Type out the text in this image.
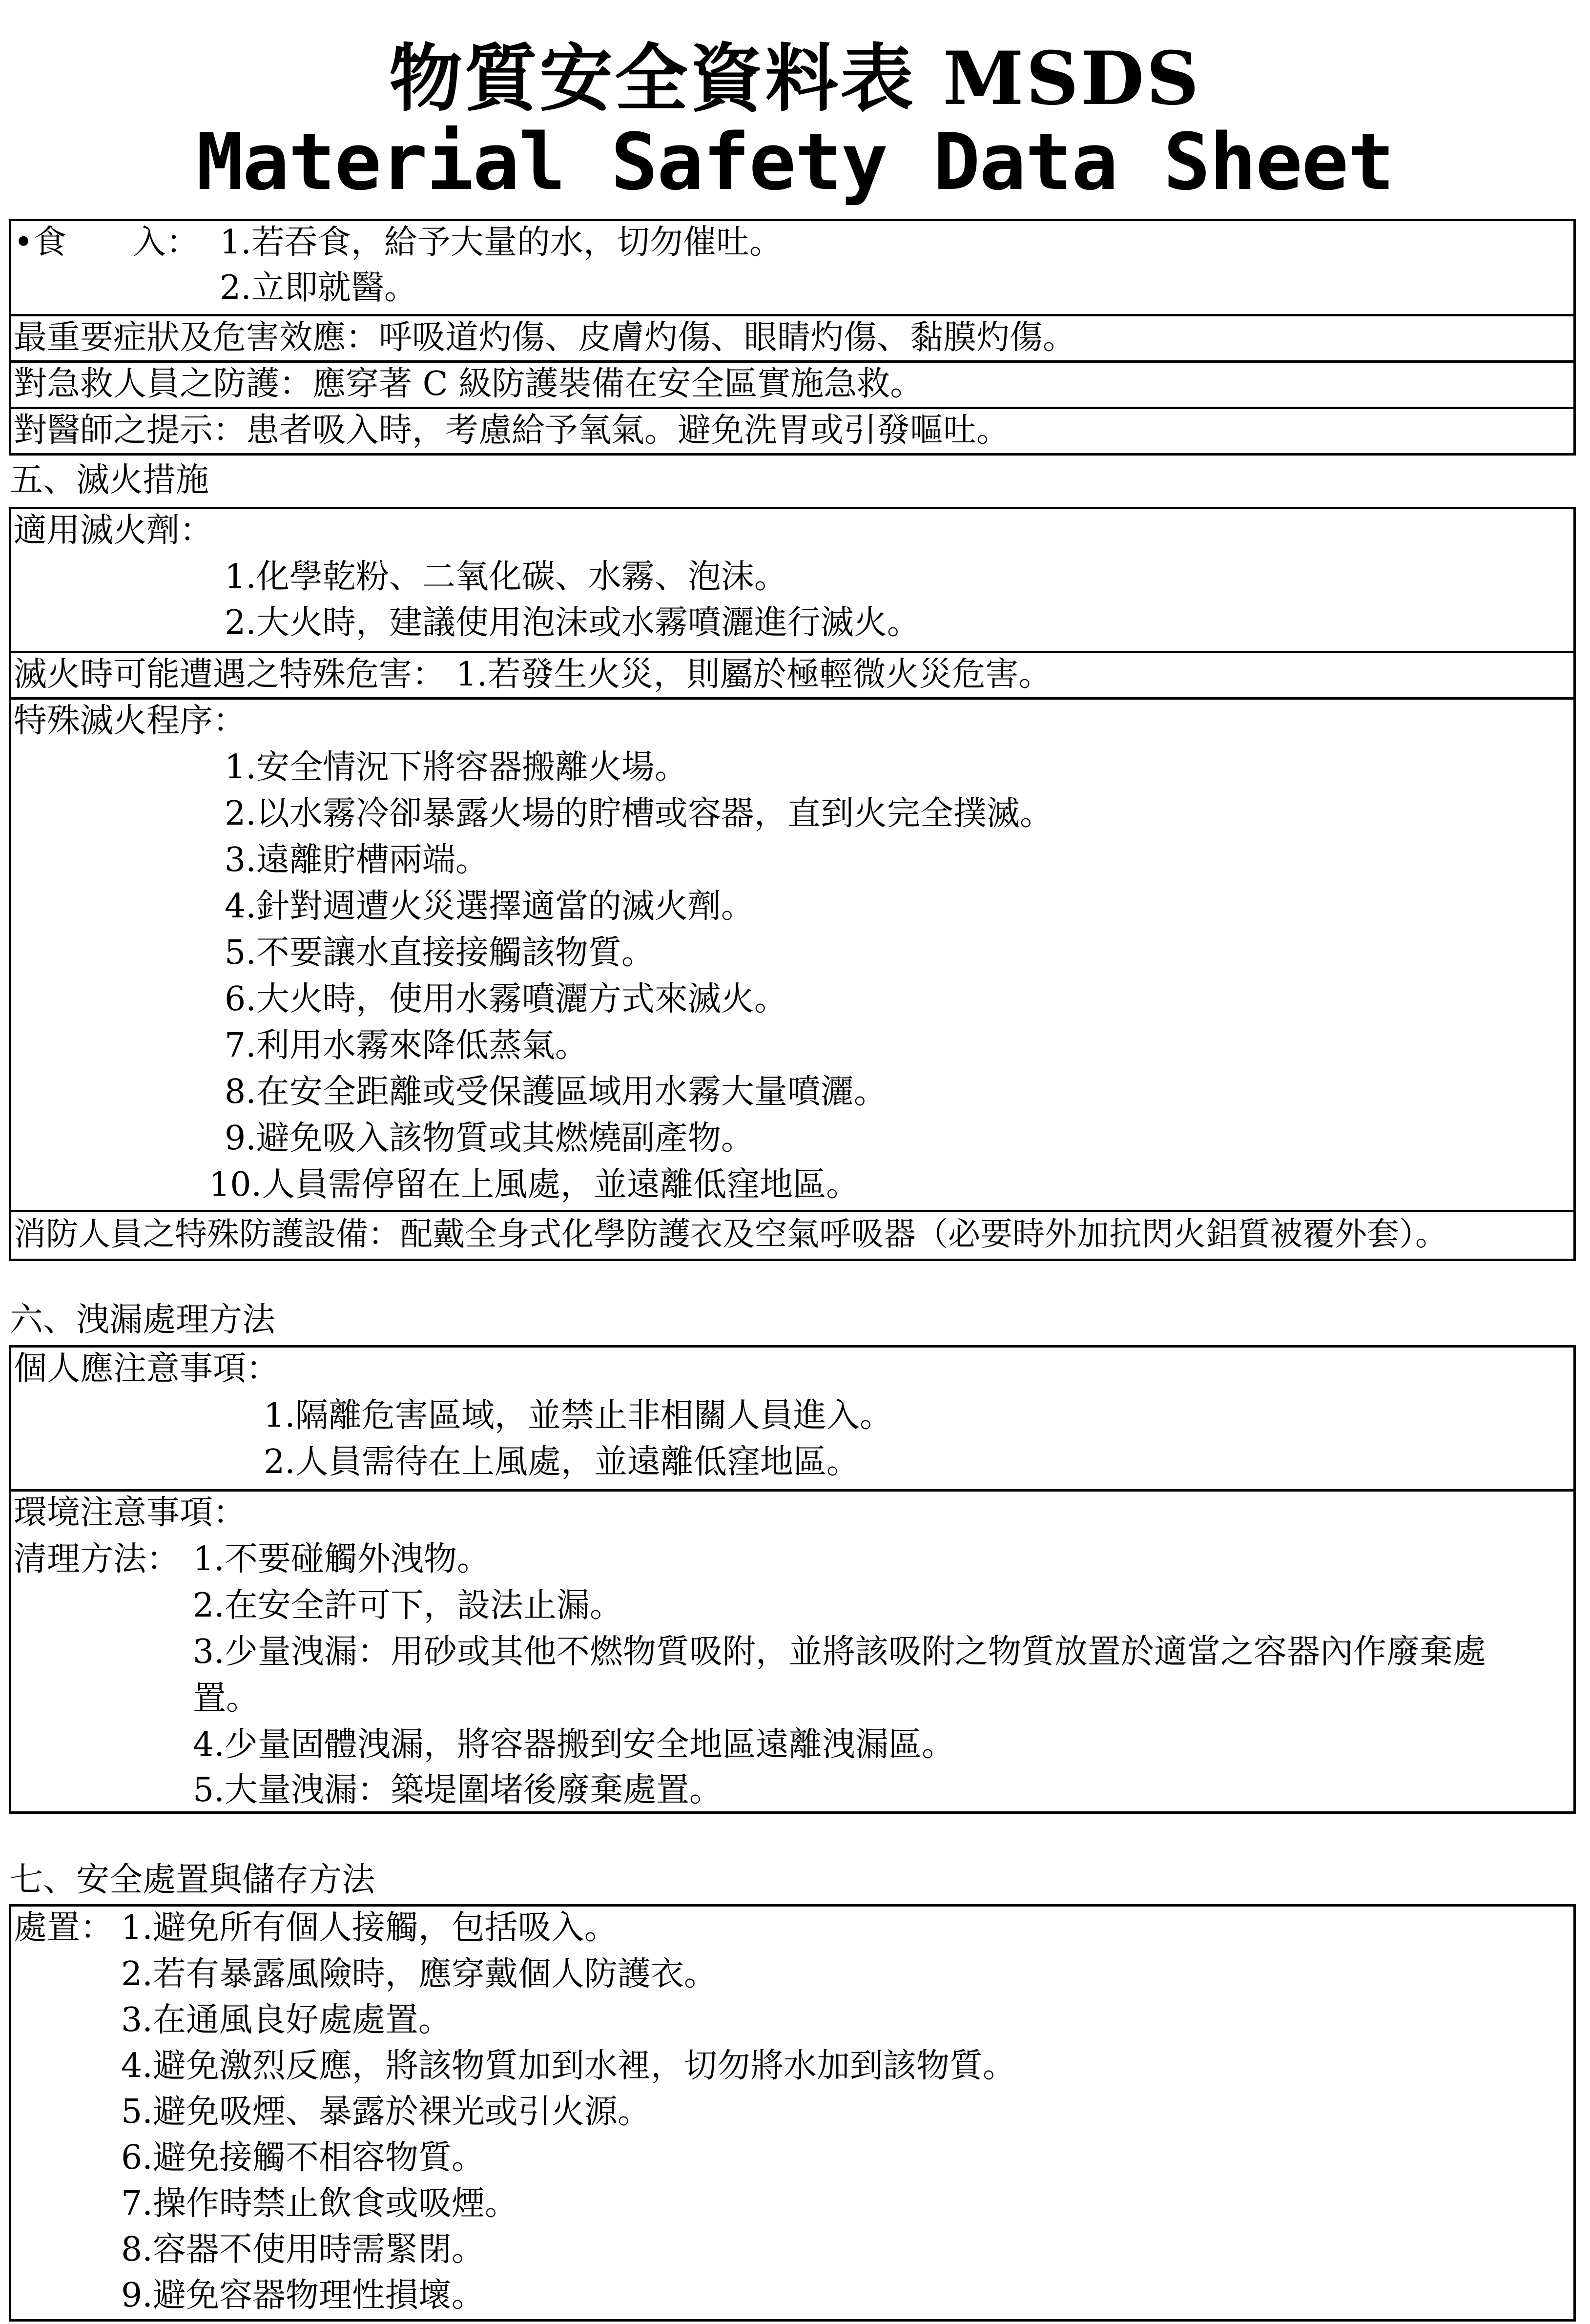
物質安全資料表 MSDS
Material Safety Data Sheet
•食　　入： 1.若吞食，給予大量的水，切勿催吐。
2.立即就醫。
最重要症狀及危害效應：呼吸道灼傷、皮膚灼傷、眼睛灼傷、黏膜灼傷。
對急救人員之防護：應穿著 C 級防護裝備在安全區實施急救。
對醫師之提示：患者吸入時，考慮給予氧氣。避免洗胃或引發嘔吐。
五、滅火措施
適用滅火劑：
1.化學乾粉、二氧化碳、水霧、泡沫。
2.大火時，建議使用泡沫或水霧噴灑進行滅火。
滅火時可能遭遇之特殊危害： 1.若發生火災，則屬於極輕微火災危害。
特殊滅火程序：
1.安全情況下將容器搬離火場。
2.以水霧冷卻暴露火場的貯槽或容器，直到火完全撲滅。
3.遠離貯槽兩端。
4.針對週遭火災選擇適當的滅火劑。
5.不要讓水直接接觸該物質。
6.大火時，使用水霧噴灑方式來滅火。
7.利用水霧來降低蒸氣。
8.在安全距離或受保護區域用水霧大量噴灑。
9.避免吸入該物質或其燃燒副產物。
10.人員需停留在上風處，並遠離低窪地區。
消防人員之特殊防護設備：配戴全身式化學防護衣及空氣呼吸器（必要時外加抗閃火鋁質被覆外套）。
六、洩漏處理方法
個人應注意事項：
1.隔離危害區域，並禁止非相關人員進入。
2.人員需待在上風處，並遠離低窪地區。
環境注意事項：
清理方法： 1.不要碰觸外洩物。
2.在安全許可下，設法止漏。
3.少量洩漏：用砂或其他不燃物質吸附，並將該吸附之物質放置於適當之容器內作廢棄處
置。
4.少量固體洩漏，將容器搬到安全地區遠離洩漏區。
5.大量洩漏：築堤圍堵後廢棄處置。
七、安全處置與儲存方法
處置： 1.避免所有個人接觸，包括吸入。
2.若有暴露風險時，應穿戴個人防護衣。
3.在通風良好處處置。
4.避免激烈反應，將該物質加到水裡，切勿將水加到該物質。
5.避免吸煙、暴露於裸光或引火源。
6.避免接觸不相容物質。
7.操作時禁止飲食或吸煙。
8.容器不使用時需緊閉。
9.避免容器物理性損壞。
